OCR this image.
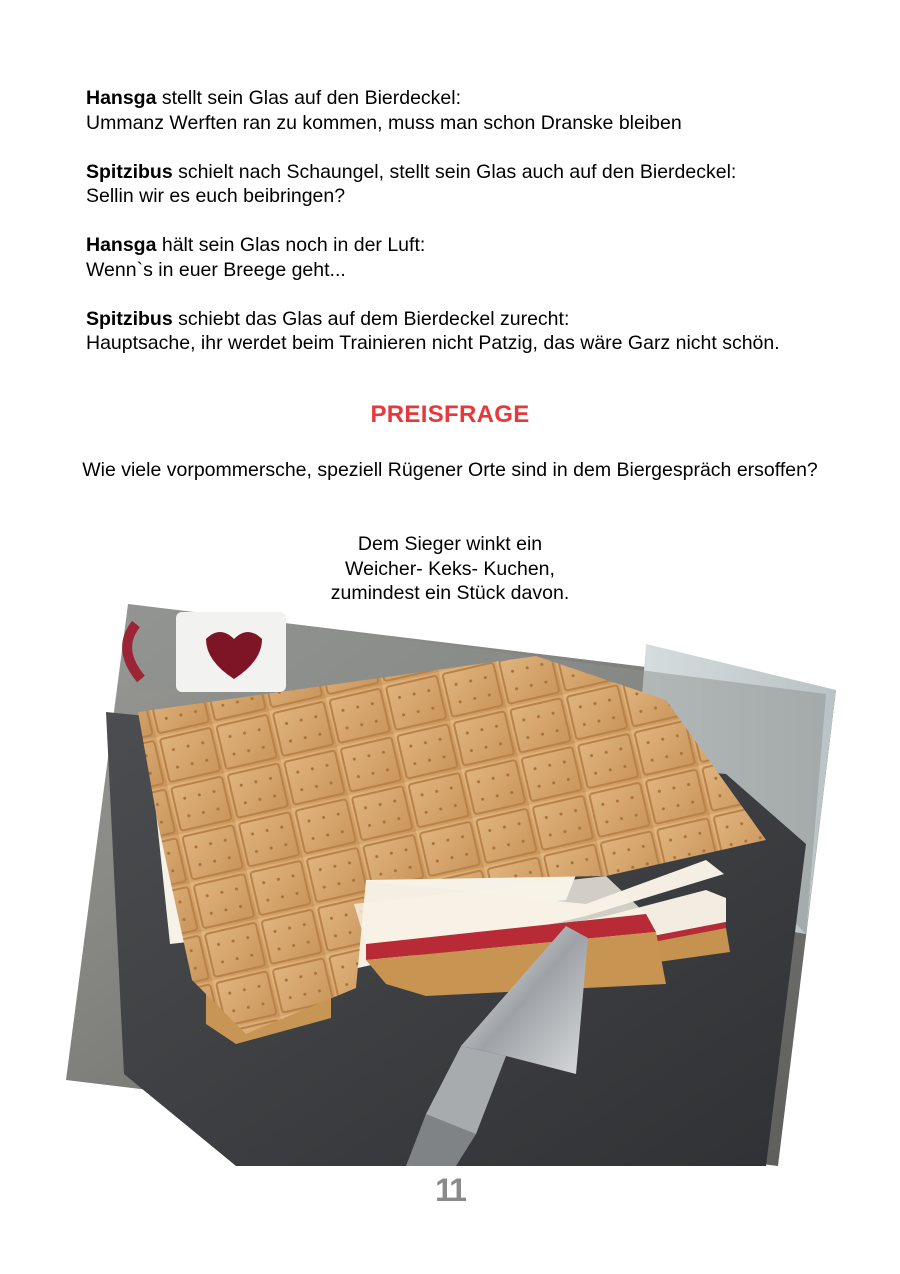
Hansga stellt sein Glas auf den Bierdeckel:
Ummanz Werften ran zu kommen, muss man schon Dranske bleiben
Spitzibus schielt nach Schaungel, stellt sein Glas auch auf den Bierdeckel:
Sellin wir es euch beibringen?
Hansga hält sein Glas noch in der Luft:
Wenn`s in euer Breege geht...
Spitzibus schiebt das Glas auf dem Bierdeckel zurecht:
Hauptsache, ihr werdet beim Trainieren nicht Patzig, das wäre Garz nicht schön.
PREISFRAGE
Wie viele vorpommersche, speziell Rügener Orte sind in dem Biergespräch ersoffen?
Dem Sieger winkt ein
Weicher- Keks- Kuchen,
zumindest ein Stück davon.
11
